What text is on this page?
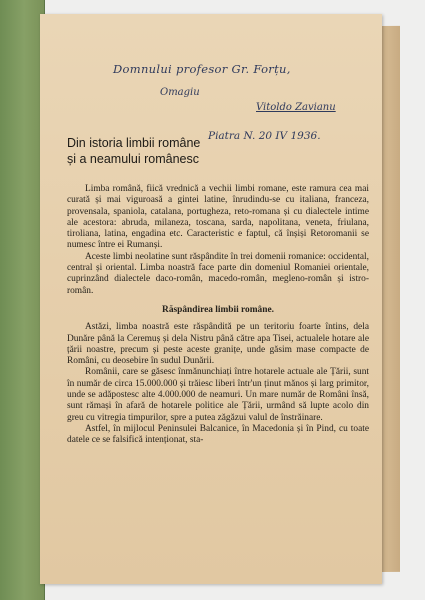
Domnului profesor Gr. Forțu,
Omagiu
Vitoldo Zavianu
Piatra N. 20 IV 1936.
Din istoria limbii române
și a neamului românesc

Limba română, fiică vrednică a vechii limbi romane, este ramura cea mai curată și mai viguroasă a gintei latine, înrudindu-se cu italiana, franceza, provensala, spaniola, catalana, portugheza, reto-romana și cu dialectele intime ale acestora: abruda, milaneza, toscana, sarda, napolitana, veneta, friulana, tiroliana, latina, engadina etc. Caracteristic e faptul, că înșiși Retoromanii se numesc între ei Rumanși.

Aceste limbi neolatine sunt răspândite în trei domenii romanice: occidental, central și oriental. Limba noastră face parte din domeniul Romaniei orientale, cuprinzând dialectele daco-român, macedo-român, megleno-român și istro-român.

Răspândirea limbii române.

Astăzi, limba noastră este răspândită pe un teritoriu foarte întins, dela Dunăre până la Ceremuș și dela Nistru până către apa Tisei, actualele hotare ale țării noastre, precum și peste aceste granițe, unde găsim mase compacte de Români, cu deosebire în sudul Dunării.

Românii, care se găsesc înmănunchiați între hotarele actuale ale Țării, sunt în număr de circa 15.000.000 și trăiesc liberi într'un ținut mănos și larg primitor, unde se adăpostesc alte 4.000.000 de neamuri. Un mare număr de Români însă, sunt rămași în afară de hotarele politice ale Țării, urmând să lupte acolo din greu cu vitregia timpurilor, spre a putea zăgăzui valul de înstrăinare.

Astfel, în mijlocul Peninsulei Balcanice, în Macedonia și în Pind, cu toate datele ce se falsifică intenționat, sta-
